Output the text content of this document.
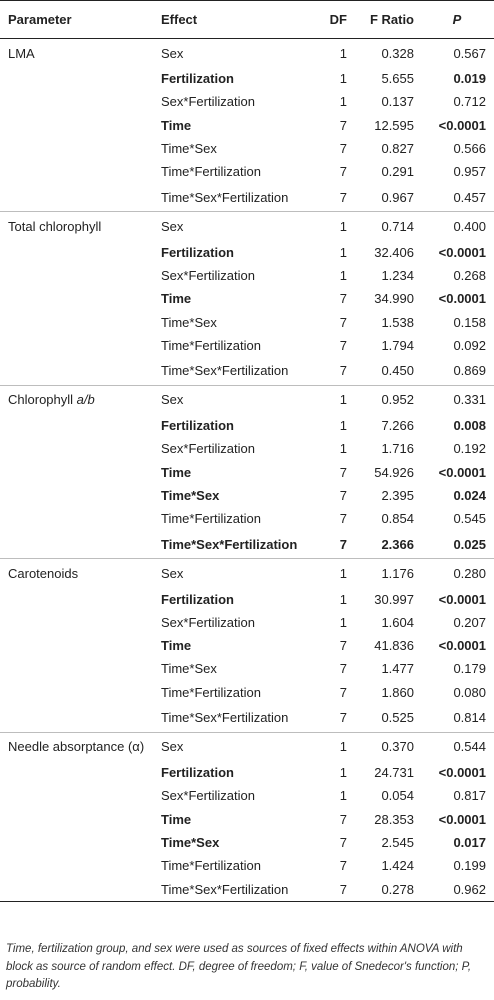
Parameter	Effect	DF	F Ratio	P
LMA	Sex	1	0.328	0.567
	Fertilization	1	5.655	0.019
	Sex*Fertilization	1	0.137	0.712
	Time	7	12.595	<0.0001
	Time*Sex	7	0.827	0.566
	Time*Fertilization	7	0.291	0.957
	Time*Sex*Fertilization	7	0.967	0.457
Total chlorophyll	Sex	1	0.714	0.400
	Fertilization	1	32.406	<0.0001
	Sex*Fertilization	1	1.234	0.268
	Time	7	34.990	<0.0001
	Time*Sex	7	1.538	0.158
	Time*Fertilization	7	1.794	0.092
	Time*Sex*Fertilization	7	0.450	0.869
Chlorophyll a/b	Sex	1	0.952	0.331
	Fertilization	1	7.266	0.008
	Sex*Fertilization	1	1.716	0.192
	Time	7	54.926	<0.0001
	Time*Sex	7	2.395	0.024
	Time*Fertilization	7	0.854	0.545
	Time*Sex*Fertilization	7	2.366	0.025
Carotenoids	Sex	1	1.176	0.280
	Fertilization	1	30.997	<0.0001
	Sex*Fertilization	1	1.604	0.207
	Time	7	41.836	<0.0001
	Time*Sex	7	1.477	0.179
	Time*Fertilization	7	1.860	0.080
	Time*Sex*Fertilization	7	0.525	0.814
Needle absorptance (α)	Sex	1	0.370	0.544
	Fertilization	1	24.731	<0.0001
	Sex*Fertilization	1	0.054	0.817
	Time	7	28.353	<0.0001
	Time*Sex	7	2.545	0.017
	Time*Fertilization	7	1.424	0.199
	Time*Sex*Fertilization	7	0.278	0.962
Time, fertilization group, and sex were used as sources of fixed effects within ANOVA with block as source of random effect. DF, degree of freedom; F, value of Snedecor's function; P, probability.
